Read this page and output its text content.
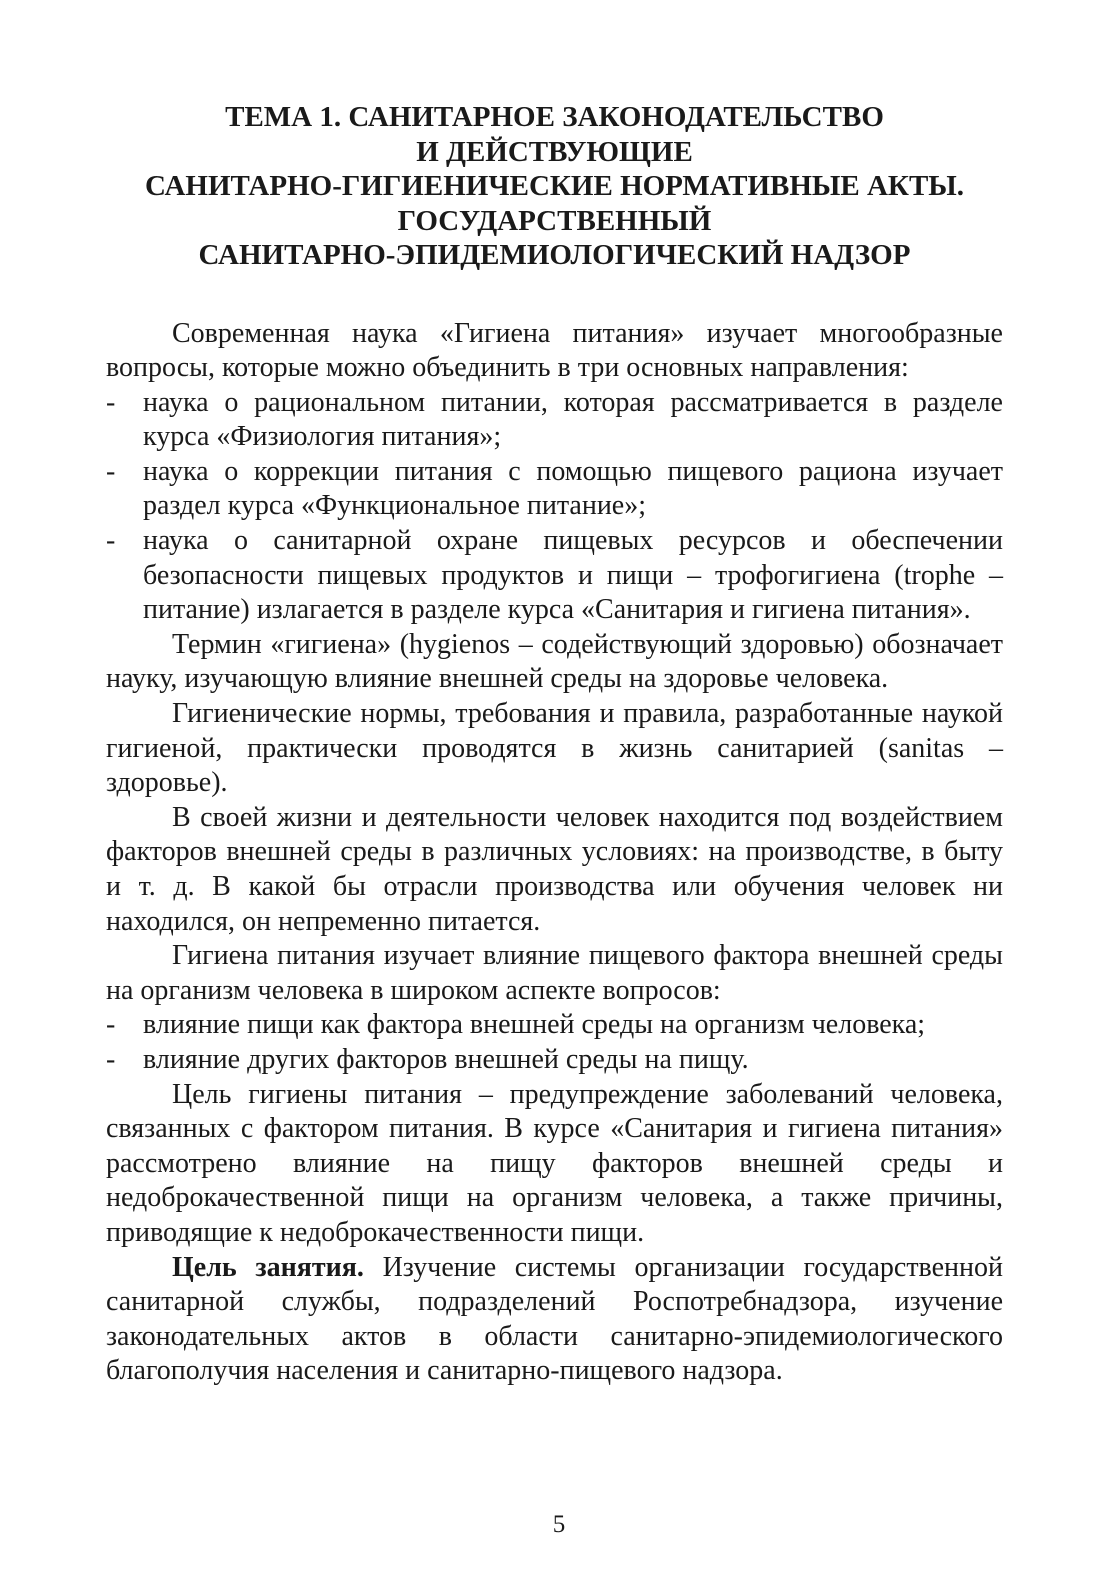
ТЕМА 1. САНИТАРНОЕ ЗАКОНОДАТЕЛЬСТВО
И ДЕЙСТВУЮЩИЕ
САНИТАРНО-ГИГИЕНИЧЕСКИЕ НОРМАТИВНЫЕ АКТЫ.
ГОСУДАРСТВЕННЫЙ
САНИТАРНО-ЭПИДЕМИОЛОГИЧЕСКИЙ НАДЗОР

Современная наука «Гигиена питания» изучает многообразные вопросы, которые можно объединить в три основных направления:

- наука о рациональном питании, которая рассматривается в разделе курса «Физиология питания»;
- наука о коррекции питания с помощью пищевого рациона изучает раздел курса «Функциональное питание»;
- наука о санитарной охране пищевых ресурсов и обеспечении безопасности пищевых продуктов и пищи – трофогигиена (trophe – питание) излагается в разделе курса «Санитария и гигиена питания».

Термин «гигиена» (hygienos – содействующий здоровью) обозначает науку, изучающую влияние внешней среды на здоровье человека.

Гигиенические нормы, требования и правила, разработанные наукой гигиеной, практически проводятся в жизнь санитарией (sanitas – здоровье).

В своей жизни и деятельности человек находится под воздействием факторов внешней среды в различных условиях: на производстве, в быту и т. д. В какой бы отрасли производства или обучения человек ни находился, он непременно питается.

Гигиена питания изучает влияние пищевого фактора внешней среды на организм человека в широком аспекте вопросов:

- влияние пищи как фактора внешней среды на организм человека;
- влияние других факторов внешней среды на пищу.

Цель гигиены питания – предупреждение заболеваний человека, связанных с фактором питания. В курсе «Санитария и гигиена питания» рассмотрено влияние на пищу факторов внешней среды и недоброкачественной пищи на организм человека, а также причины, приводящие к недоброкачественности пищи.

Цель занятия. Изучение системы организации государственной санитарной службы, подразделений Роспотребнадзора, изучение законодательных актов в области санитарно-эпидемиологического благополучия населения и санитарно-пищевого надзора.

5
